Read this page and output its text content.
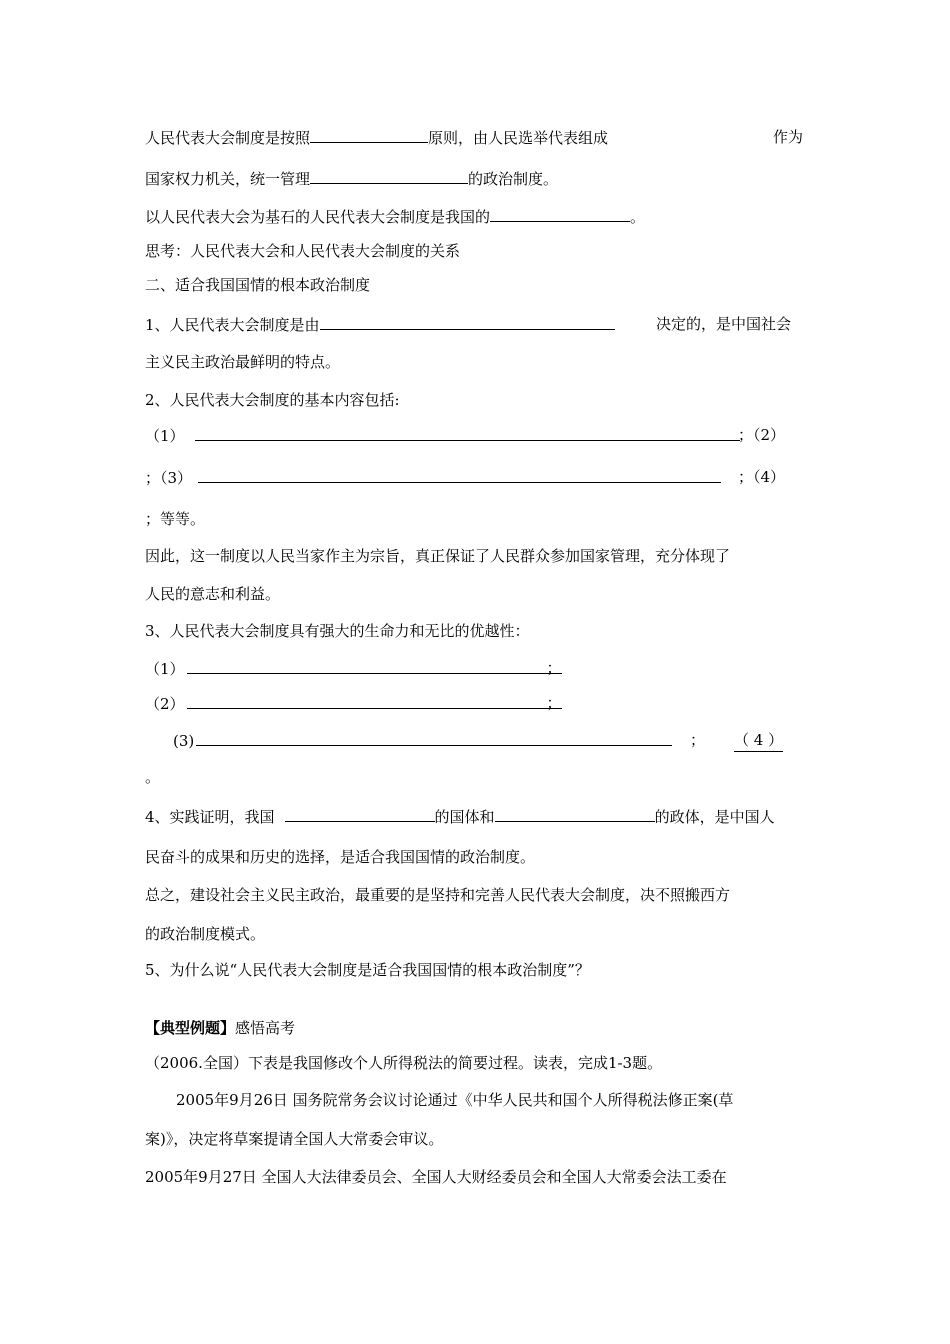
人民代表大会制度是按照	原则，由人民选举代表组成	作为
国家权力机关，统一管理	的政治制度。
以人民代表大会为基石的人民代表大会制度是我国的	。
思考：人民代表大会和人民代表大会制度的关系
二、适合我国国情的根本政治制度
1、人民代表大会制度是由	决定的，是中国社会
主义民主政治最鲜明的特点。
2、人民代表大会制度的基本内容包括:
（1）	；（2）
；（3）	；（4）
；等等。
因此，这一制度以人民当家作主为宗旨，真正保证了人民群众参加国家管理，充分体现了
人民的意志和利益。
3、人民代表大会制度具有强大的生命力和无比的优越性：
（1）	；
（2）	；
(3)	； （ 4 ）
。
4、实践证明，我国	的国体和	的政体，是中国人
民奋斗的成果和历史的选择，是适合我国国情的政治制度。
总之，建设社会主义民主政治，最重要的是坚持和完善人民代表大会制度，决不照搬西方
的政治制度模式。
5、为什么说“人民代表大会制度是适合我国国情的根本政治制度”？
【典型例题】感悟高考
（2006.全国）下表是我国修改个人所得税法的简要过程。读表，完成1-3题。
2005年9月26日 国务院常务会议讨论通过《中华人民共和国个人所得税法修正案(草
案)》，决定将草案提请全国人大常委会审议。
2005年9月27日 全国人大法律委员会、全国人大财经委员会和全国人大常委会法工委在
